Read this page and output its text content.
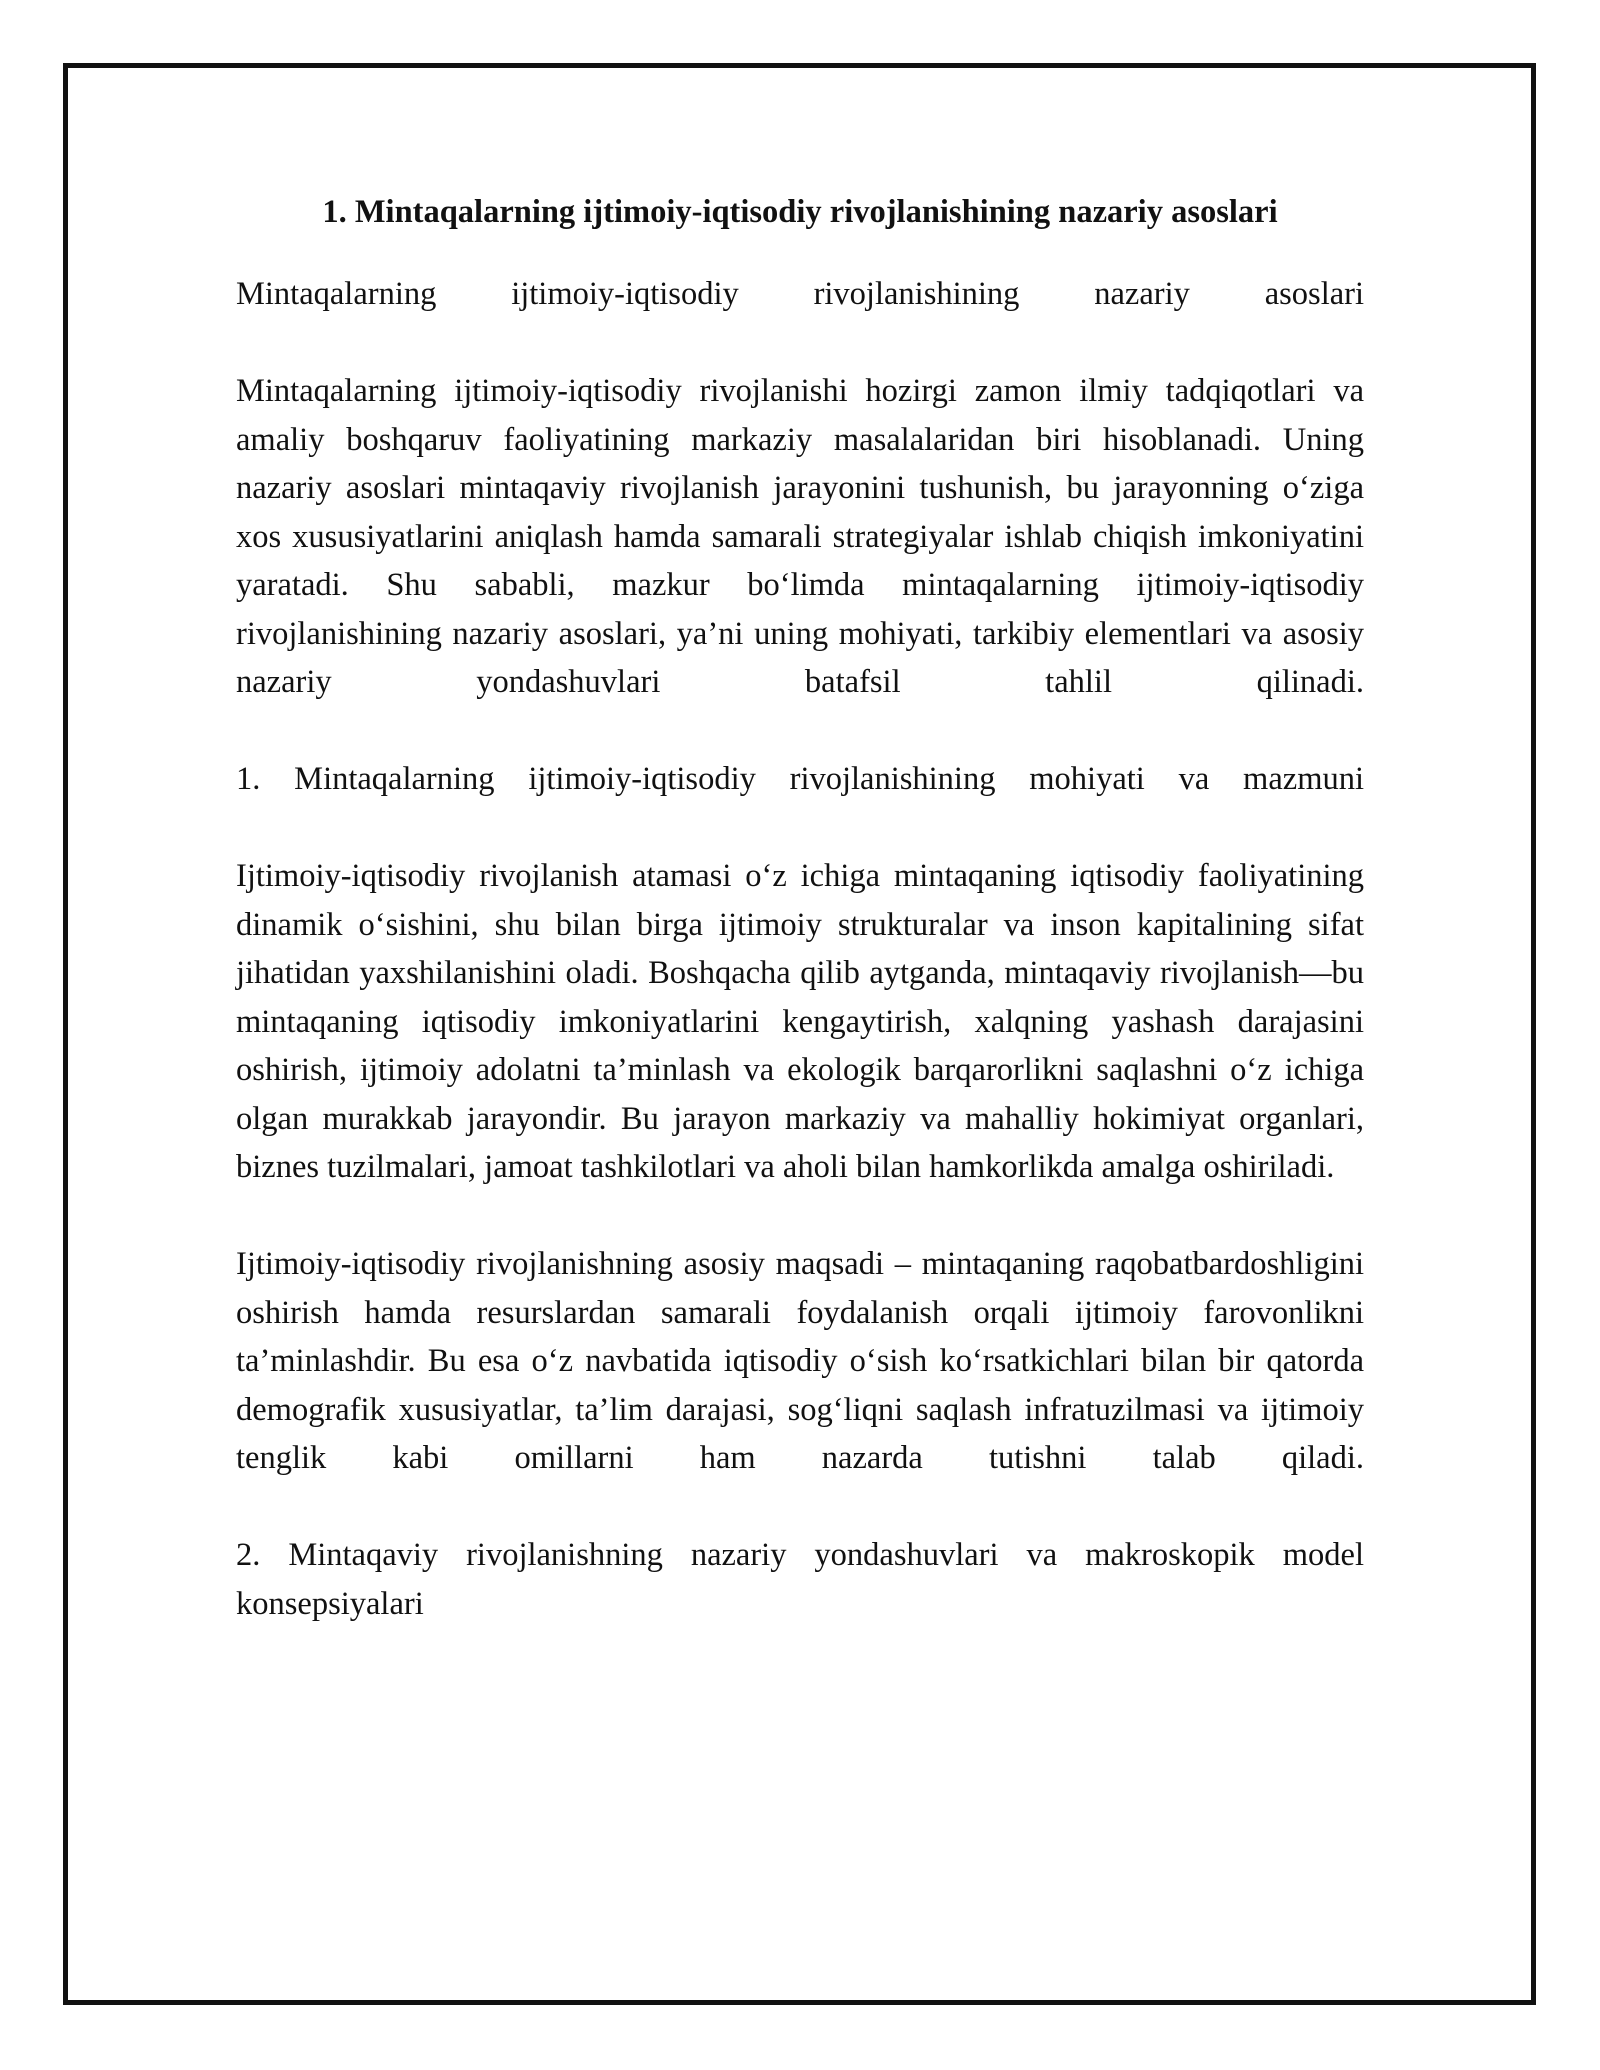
1. Mintaqalarning ijtimoiy-iqtisodiy rivojlanishining nazariy asoslari

Mintaqalarning ijtimoiy-iqtisodiy rivojlanishining nazariy asoslari

Mintaqalarning ijtimoiy-iqtisodiy rivojlanishi hozirgi zamon ilmiy tadqiqotlari va amaliy boshqaruv faoliyatining markaziy masalalaridan biri hisoblanadi. Uning nazariy asoslari mintaqaviy rivojlanish jarayonini tushunish, bu jarayonning o‘ziga xos xususiyatlarini aniqlash hamda samarali strategiyalar ishlab chiqish imkoniyatini yaratadi. Shu sababli, mazkur bo‘limda mintaqalarning ijtimoiy-iqtisodiy rivojlanishining nazariy asoslari, ya’ni uning mohiyati, tarkibiy elementlari va asosiy nazariy yondashuvlari batafsil tahlil qilinadi.

1. Mintaqalarning ijtimoiy-iqtisodiy rivojlanishining mohiyati va mazmuni

Ijtimoiy-iqtisodiy rivojlanish atamasi o‘z ichiga mintaqaning iqtisodiy faoliyatining dinamik o‘sishini, shu bilan birga ijtimoiy strukturalar va inson kapitalining sifat jihatidan yaxshilanishini oladi. Boshqacha qilib aytganda, mintaqaviy rivojlanish—bu mintaqaning iqtisodiy imkoniyatlarini kengaytirish, xalqning yashash darajasini oshirish, ijtimoiy adolatni ta’minlash va ekologik barqarorlikni saqlashni o‘z ichiga olgan murakkab jarayondir. Bu jarayon markaziy va mahalliy hokimiyat organlari, biznes tuzilmalari, jamoat tashkilotlari va aholi bilan hamkorlikda amalga oshiriladi.

Ijtimoiy-iqtisodiy rivojlanishning asosiy maqsadi – mintaqaning raqobatbardoshligini oshirish hamda resurslardan samarali foydalanish orqali ijtimoiy farovonlikni ta’minlashdir. Bu esa o‘z navbatida iqtisodiy o‘sish ko‘rsatkichlari bilan bir qatorda demografik xususiyatlar, ta’lim darajasi, sog‘liqni saqlash infratuzilmasi va ijtimoiy tenglik kabi omillarni ham nazarda tutishni talab qiladi.

2. Mintaqaviy rivojlanishning nazariy yondashuvlari va makroskopik model konsepsiyalari
